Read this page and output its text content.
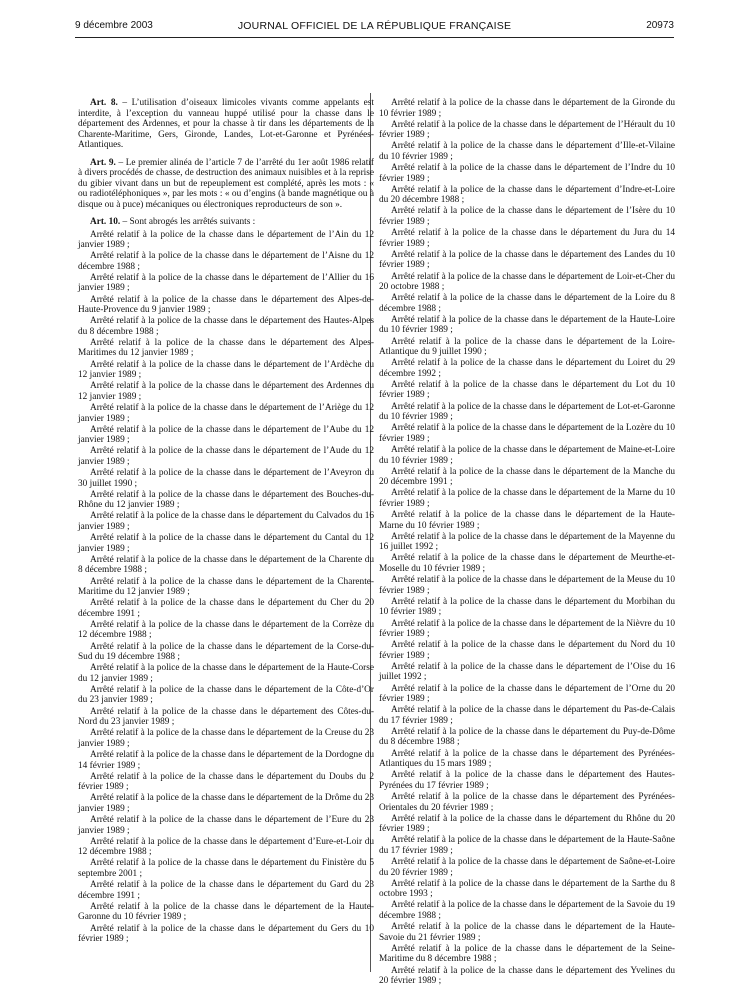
9 décembre 2003	JOURNAL OFFICIEL DE LA RÉPUBLIQUE FRANÇAISE	20973

Art. 8. – L’utilisation d’oiseaux limicoles vivants comme appelants est interdite, à l’exception du vanneau huppé utilisé pour la chasse dans le département des Ardennes, et pour la chasse à tir dans les départements de la Charente-Maritime, Gers, Gironde, Landes, Lot-et-Garonne et Pyrénées-Atlantiques.

Art. 9. – Le premier alinéa de l’article 7 de l’arrêté du 1er août 1986 relatif à divers procédés de chasse, de destruction des animaux nuisibles et à la reprise du gibier vivant dans un but de repeuplement est complété, après les mots : « ou radiotéléphoniques », par les mots : « ou d’engins (à bande magnétique ou à disque ou à puce) mécaniques ou électroniques reproducteurs de son ».

Art. 10. – Sont abrogés les arrêtés suivants :

Arrêté relatif à la police de la chasse dans le département de l’Ain du 12 janvier 1989 ;

Arrêté relatif à la police de la chasse dans le département de l’Aisne du 12 décembre 1988 ;

Arrêté relatif à la police de la chasse dans le département de l’Allier du 16 janvier 1989 ;

Arrêté relatif à la police de la chasse dans le département des Alpes-de-Haute-Provence du 9 janvier 1989 ;

Arrêté relatif à la police de la chasse dans le département des Hautes-Alpes du 8 décembre 1988 ;

Arrêté relatif à la police de la chasse dans le département des Alpes-Maritimes du 12 janvier 1989 ;

Arrêté relatif à la police de la chasse dans le département de l’Ardèche du 12 janvier 1989 ;

Arrêté relatif à la police de la chasse dans le département des Ardennes du 12 janvier 1989 ;

Arrêté relatif à la police de la chasse dans le département de l’Ariège du 12 janvier 1989 ;

Arrêté relatif à la police de la chasse dans le département de l’Aube du 12 janvier 1989 ;

Arrêté relatif à la police de la chasse dans le département de l’Aude du 12 janvier 1989 ;

Arrêté relatif à la police de la chasse dans le département de l’Aveyron du 30 juillet 1990 ;

Arrêté relatif à la police de la chasse dans le département des Bouches-du-Rhône du 12 janvier 1989 ;

Arrêté relatif à la police de la chasse dans le département du Calvados du 16 janvier 1989 ;

Arrêté relatif à la police de la chasse dans le département du Cantal du 12 janvier 1989 ;

Arrêté relatif à la police de la chasse dans le département de la Charente du 8 décembre 1988 ;

Arrêté relatif à la police de la chasse dans le département de la Charente-Maritime du 12 janvier 1989 ;

Arrêté relatif à la police de la chasse dans le département du Cher du 20 décembre 1991 ;

Arrêté relatif à la police de la chasse dans le département de la Corrèze du 12 décembre 1988 ;

Arrêté relatif à la police de la chasse dans le département de la Corse-du-Sud du 19 décembre 1988 ;

Arrêté relatif à la police de la chasse dans le département de la Haute-Corse du 12 janvier 1989 ;

Arrêté relatif à la police de la chasse dans le département de la Côte-d’Or du 23 janvier 1989 ;

Arrêté relatif à la police de la chasse dans le département des Côtes-du-Nord du 23 janvier 1989 ;

Arrêté relatif à la police de la chasse dans le département de la Creuse du 23 janvier 1989 ;

Arrêté relatif à la police de la chasse dans le département de la Dordogne du 14 février 1989 ;

Arrêté relatif à la police de la chasse dans le département du Doubs du 2 février 1989 ;

Arrêté relatif à la police de la chasse dans le département de la Drôme du 23 janvier 1989 ;

Arrêté relatif à la police de la chasse dans le département de l’Eure du 23 janvier 1989 ;

Arrêté relatif à la police de la chasse dans le département d’Eure-et-Loir du 12 décembre 1988 ;

Arrêté relatif à la police de la chasse dans le département du Finistère du 5 septembre 2001 ;

Arrêté relatif à la police de la chasse dans le département du Gard du 23 décembre 1991 ;

Arrêté relatif à la police de la chasse dans le département de la Haute-Garonne du 10 février 1989 ;

Arrêté relatif à la police de la chasse dans le département du Gers du 10 février 1989 ;

Arrêté relatif à la police de la chasse dans le département de la Gironde du 10 février 1989 ;

Arrêté relatif à la police de la chasse dans le département de l’Hérault du 10 février 1989 ;

Arrêté relatif à la police de la chasse dans le département d’Ille-et-Vilaine du 10 février 1989 ;

Arrêté relatif à la police de la chasse dans le département de l’Indre du 10 février 1989 ;

Arrêté relatif à la police de la chasse dans le département d’Indre-et-Loire du 20 décembre 1988 ;

Arrêté relatif à la police de la chasse dans le département de l’Isère du 10 février 1989 ;

Arrêté relatif à la police de la chasse dans le département du Jura du 14 février 1989 ;

Arrêté relatif à la police de la chasse dans le département des Landes du 10 février 1989 ;

Arrêté relatif à la police de la chasse dans le département de Loir-et-Cher du 20 octobre 1988 ;

Arrêté relatif à la police de la chasse dans le département de la Loire du 8 décembre 1988 ;

Arrêté relatif à la police de la chasse dans le département de la Haute-Loire du 10 février 1989 ;

Arrêté relatif à la police de la chasse dans le département de la Loire-Atlantique du 9 juillet 1990 ;

Arrêté relatif à la police de la chasse dans le département du Loiret du 29 décembre 1992 ;

Arrêté relatif à la police de la chasse dans le département du Lot du 10 février 1989 ;

Arrêté relatif à la police de la chasse dans le département de Lot-et-Garonne du 10 février 1989 ;

Arrêté relatif à la police de la chasse dans le département de la Lozère du 10 février 1989 ;

Arrêté relatif à la police de la chasse dans le département de Maine-et-Loire du 10 février 1989 ;

Arrêté relatif à la police de la chasse dans le département de la Manche du 20 décembre 1991 ;

Arrêté relatif à la police de la chasse dans le département de la Marne du 10 février 1989 ;

Arrêté relatif à la police de la chasse dans le département de la Haute-Marne du 10 février 1989 ;

Arrêté relatif à la police de la chasse dans le département de la Mayenne du 16 juillet 1992 ;

Arrêté relatif à la police de la chasse dans le département de Meurthe-et-Moselle du 10 février 1989 ;

Arrêté relatif à la police de la chasse dans le département de la Meuse du 10 février 1989 ;

Arrêté relatif à la police de la chasse dans le département du Morbihan du 10 février 1989 ;

Arrêté relatif à la police de la chasse dans le département de la Nièvre du 10 février 1989 ;

Arrêté relatif à la police de la chasse dans le département du Nord du 10 février 1989 ;

Arrêté relatif à la police de la chasse dans le département de l’Oise du 16 juillet 1992 ;

Arrêté relatif à la police de la chasse dans le département de l’Orne du 20 février 1989 ;

Arrêté relatif à la police de la chasse dans le département du Pas-de-Calais du 17 février 1989 ;

Arrêté relatif à la police de la chasse dans le département du Puy-de-Dôme du 8 décembre 1988 ;

Arrêté relatif à la police de la chasse dans le département des Pyrénées-Atlantiques du 15 mars 1989 ;

Arrêté relatif à la police de la chasse dans le département des Hautes-Pyrénées du 17 février 1989 ;

Arrêté relatif à la police de la chasse dans le département des Pyrénées-Orientales du 20 février 1989 ;

Arrêté relatif à la police de la chasse dans le département du Rhône du 20 février 1989 ;

Arrêté relatif à la police de la chasse dans le département de la Haute-Saône du 17 février 1989 ;

Arrêté relatif à la police de la chasse dans le département de Saône-et-Loire du 20 février 1989 ;

Arrêté relatif à la police de la chasse dans le département de la Sarthe du 8 octobre 1993 ;

Arrêté relatif à la police de la chasse dans le département de la Savoie du 19 décembre 1988 ;

Arrêté relatif à la police de la chasse dans le département de la Haute-Savoie du 21 février 1989 ;

Arrêté relatif à la police de la chasse dans le département de la Seine-Maritime du 8 décembre 1988 ;

Arrêté relatif à la police de la chasse dans le département des Yvelines du 20 février 1989 ;
